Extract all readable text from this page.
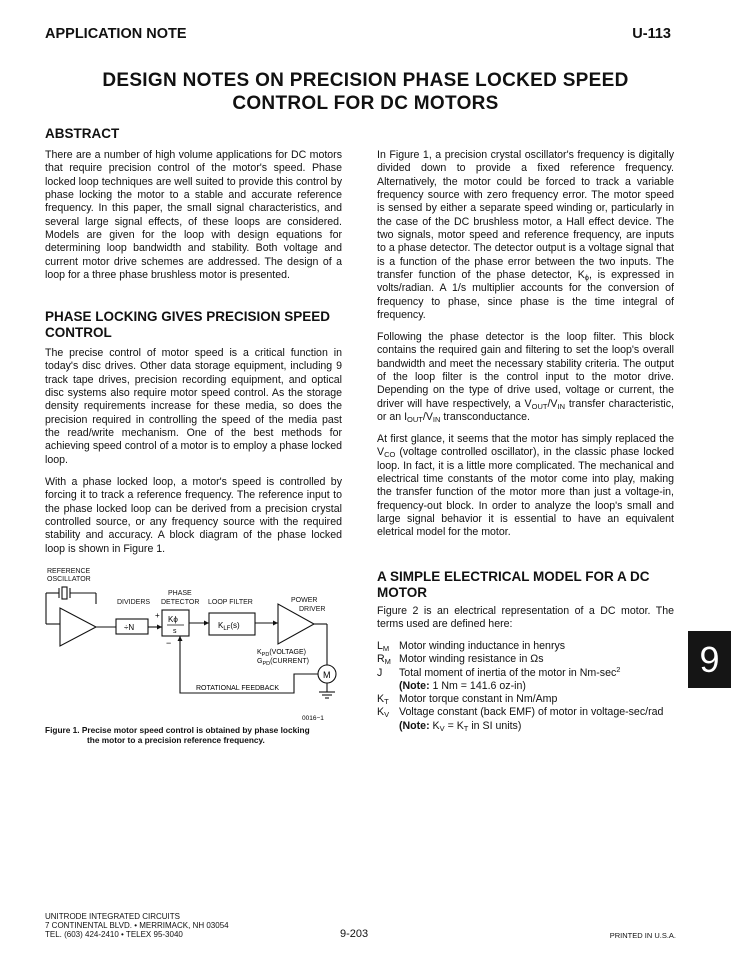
APPLICATION NOTE	U-113
DESIGN NOTES ON PRECISION PHASE LOCKED SPEED
CONTROL FOR DC MOTORS
ABSTRACT
There are a number of high volume applications for DC motors that require precision control of the motor's speed. Phase locked loop techniques are well suited to provide this control by phase locking the motor to a stable and accurate reference frequency. In this paper, the small signal characteristics, and several large signal effects, of these loops are considered. Models are given for the loop with design equations for determining loop bandwidth and stability. Both voltage and current motor drive schemes are addressed. The design of a loop for a three phase brushless motor is presented.
PHASE LOCKING GIVES PRECISION SPEED
CONTROL
The precise control of motor speed is a critical function in today's disc drives. Other data storage equipment, including 9 track tape drives, precision recording equipment, and optical disc systems also require motor speed control. As the storage density requirements increase for these media, so does the precision required in controlling the speed of the media past the read/write mechanism. One of the best methods for achieving speed control of a motor is to employ a phase locked loop.
With a phase locked loop, a motor's speed is controlled by forcing it to track a reference frequency. The reference input to the phase locked loop can be derived from a precision crystal controlled source, or any frequency source with the required stability and accuracy. A block diagram of the phase locked loop is shown in Figure 1.
REFERENCE
OSCILLATOR
DIVIDERS
PHASE
DETECTOR LOOP FILTER	POWER
DRIVER
÷N
Kϕ
s
+
−
$K_{LF}(s)$
$K_{PD}(VOLTAGE)$
$G_{PD}(CURRENT)$
M
ROTATIONAL FEEDBACK
0016−1
Figure 1. Precise motor speed control is obtained by phase locking
the motor to a precision reference frequency.
In Figure 1, a precision crystal oscillator's frequency is digitally divided down to provide a fixed reference frequency. Alternatively, the motor could be forced to track a variable frequency source with zero frequency error. The motor speed is sensed by either a separate speed winding or, particularly in the case of the DC brushless motor, a Hall effect device. The two signals, motor speed and reference frequency, are inputs to a phase detector. The detector output is a voltage signal that is a function of the phase error between the two inputs. The transfer function of the phase detector, $K_\phi$, is expressed in volts/radian. A 1/s multiplier accounts for the conversion of frequency to phase, since phase is the time integral of frequency.
Following the phase detector is the loop filter. This block contains the required gain and filtering to set the loop's overall bandwidth and meet the necessary stability criteria. The output of the loop filter is the control input to the motor drive. Depending on the type of drive used, voltage or current, the driver will have respectively, a $V_{OUT}/V_{IN}$ transfer characteristic, or an $I_{OUT}/V_{IN}$ transconductance.
At first glance, it seems that the motor has simply replaced the $V_{CO}$ (voltage controlled oscillator), in the classic phase locked loop. In fact, it is a little more complicated. The mechanical and electrical time constants of the motor come into play, making the transfer function of the motor more than just a voltage-in, frequency-out block. In order to analyze the loop's small and large signal behavior it is essential to have an equivalent eletrical model for the motor.
A SIMPLE ELECTRICAL MODEL FOR A DC
MOTOR
Figure 2 is an electrical representation of a DC motor. The terms used are defined here:
$L_M$ Motor winding inductance in henrys
$R_M$ Motor winding resistance in Ωs
J Total moment of inertia of the motor in $Nm-\sec^2$
(Note: 1 Nm = 141.6 oz-in)
$K_T$ Motor torque constant in Nm/Amp
$K_V$ Voltage constant (back EMF) of motor in voltage-sec/rad
(Note: $K_V = K_T$ in SI units)
9
UNITRODE INTEGRATED CIRCUITS
7 CONTINENTAL BLVD. • MERRIMACK, NH 03054
TEL. (603) 424-2410 • TELEX 95-3040	9-203	PRINTED IN U.S.A.
